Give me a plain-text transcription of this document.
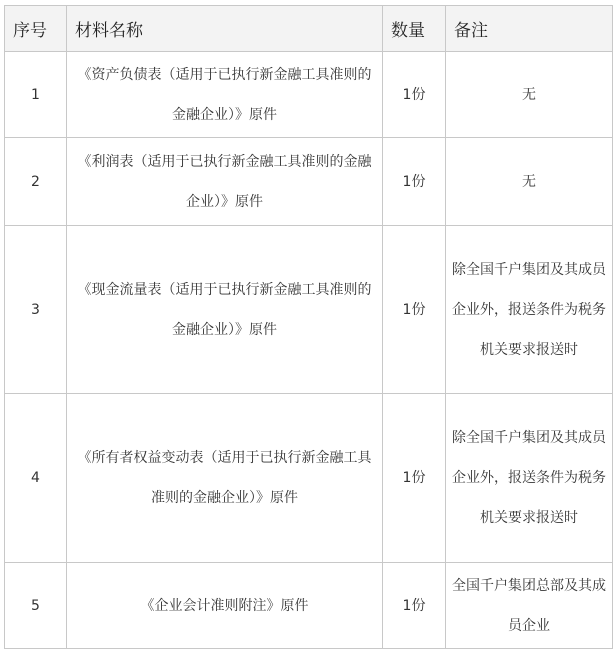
序号	材料名称	数量	备注
1	《资产负债表（适用于已执行新金融工具准则的金融企业）》原件	1份	无
2	《利润表（适用于已执行新金融工具准则的金融企业）》原件	1份	无
3	《现金流量表（适用于已执行新金融工具准则的金融企业）》原件	1份	除全国千户集团及其成员企业外，报送条件为税务机关要求报送时
4	《所有者权益变动表（适用于已执行新金融工具准则的金融企业）》原件	1份	除全国千户集团及其成员企业外，报送条件为税务机关要求报送时
5	《企业会计准则附注》原件	1份	全国千户集团总部及其成员企业
